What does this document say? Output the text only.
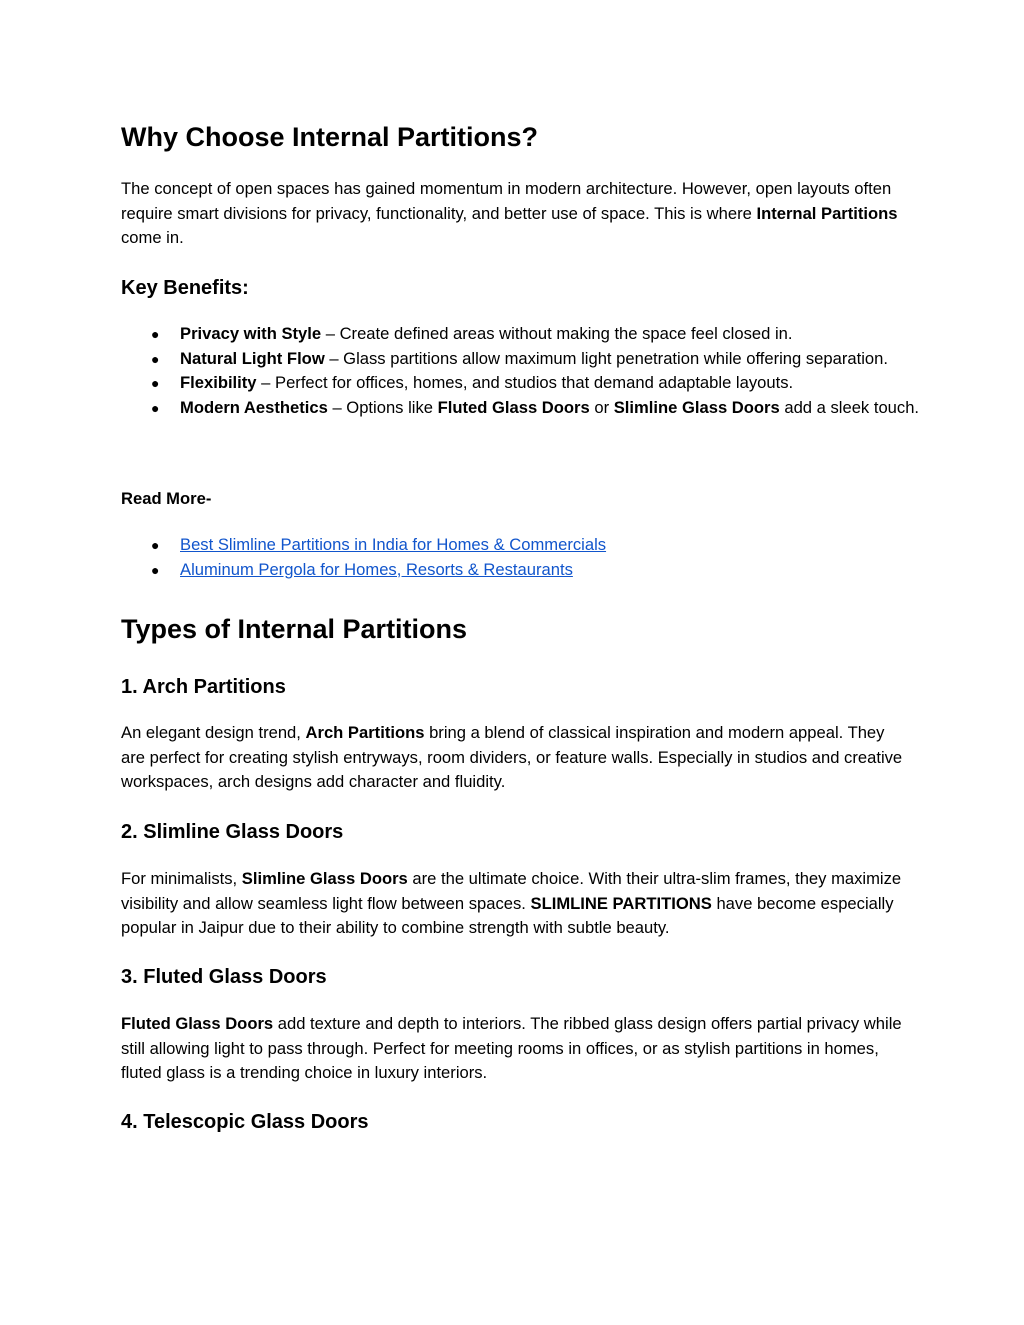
Why Choose Internal Partitions?

The concept of open spaces has gained momentum in modern architecture. However, open layouts often require smart divisions for privacy, functionality, and better use of space. This is where Internal Partitions come in.

Key Benefits:
● Privacy with Style – Create defined areas without making the space feel closed in.
● Natural Light Flow – Glass partitions allow maximum light penetration while offering separation.
● Flexibility – Perfect for offices, homes, and studios that demand adaptable layouts.
● Modern Aesthetics – Options like Fluted Glass Doors or Slimline Glass Doors add a sleek touch.
Read More-
● Best Slimline Partitions in India for Homes & Commercials
● Aluminum Pergola for Homes, Resorts & Restaurants
Types of Internal Partitions
1. Arch Partitions

An elegant design trend, Arch Partitions bring a blend of classical inspiration and modern appeal. They are perfect for creating stylish entryways, room dividers, or feature walls. Especially in studios and creative workspaces, arch designs add character and fluidity.

2. Slimline Glass Doors

For minimalists, Slimline Glass Doors are the ultimate choice. With their ultra-slim frames, they maximize visibility and allow seamless light flow between spaces. SLIMLINE PARTITIONS have become especially popular in Jaipur due to their ability to combine strength with subtle beauty.

3. Fluted Glass Doors

Fluted Glass Doors add texture and depth to interiors. The ribbed glass design offers partial privacy while still allowing light to pass through. Perfect for meeting rooms in offices, or as stylish partitions in homes, fluted glass is a trending choice in luxury interiors.

4. Telescopic Glass Doors
